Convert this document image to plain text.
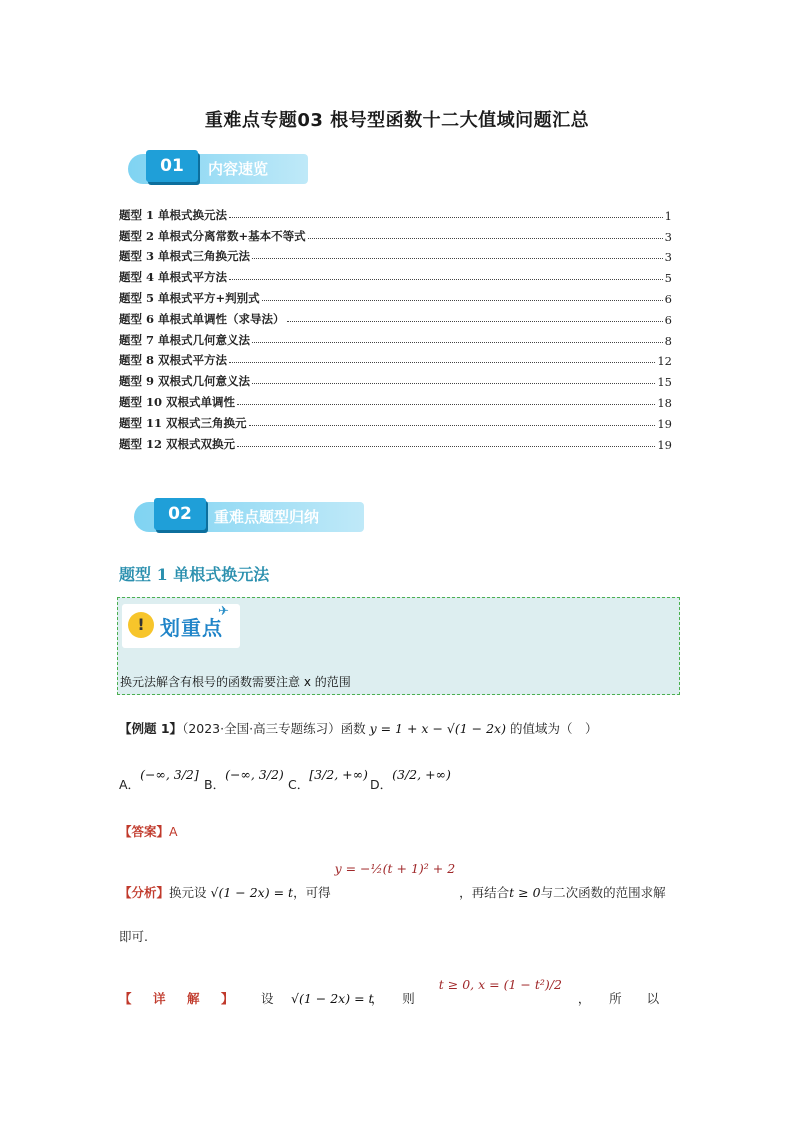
重难点专题03 根号型函数十二大值域问题汇总
01	内容速览
题型 1 单根式换元法	1
题型 2 单根式分离常数+基本不等式	3
题型 3 单根式三角换元法	3
题型 4 单根式平方法	5
题型 5 单根式平方+判别式	6
题型 6 单根式单调性（求导法）	6
题型 7 单根式几何意义法	8
题型 8 双根式平方法	12
题型 9 双根式几何意义法	15
题型 10 双根式单调性	18
题型 11 双根式三角换元	19
题型 12 双根式双换元	19
02	重难点题型归纳
题型 1 单根式换元法
! 划重点
✈
换元法解含有根号的函数需要注意 x 的范围
【例题 1】（2023·全国·高三专题练习）函数 y = 1 + x − √(1 − 2x) 的值域为（　）
A．(−∞, 3/2]
B．(−∞, 3/2)
C．[3/2, +∞)
D．(3/2, +∞)
【答案】A
【分析】换元设 √(1 − 2x) = t，可得 y = −½(t + 1)² + 2 ，再结合t ≥ 0与二次函数的范围求解
即可.
【	详	解	】	设	√(1 − 2x) = t
，　　则
t ≥ 0, x = (1 − t²)/2
，　　所　　以
